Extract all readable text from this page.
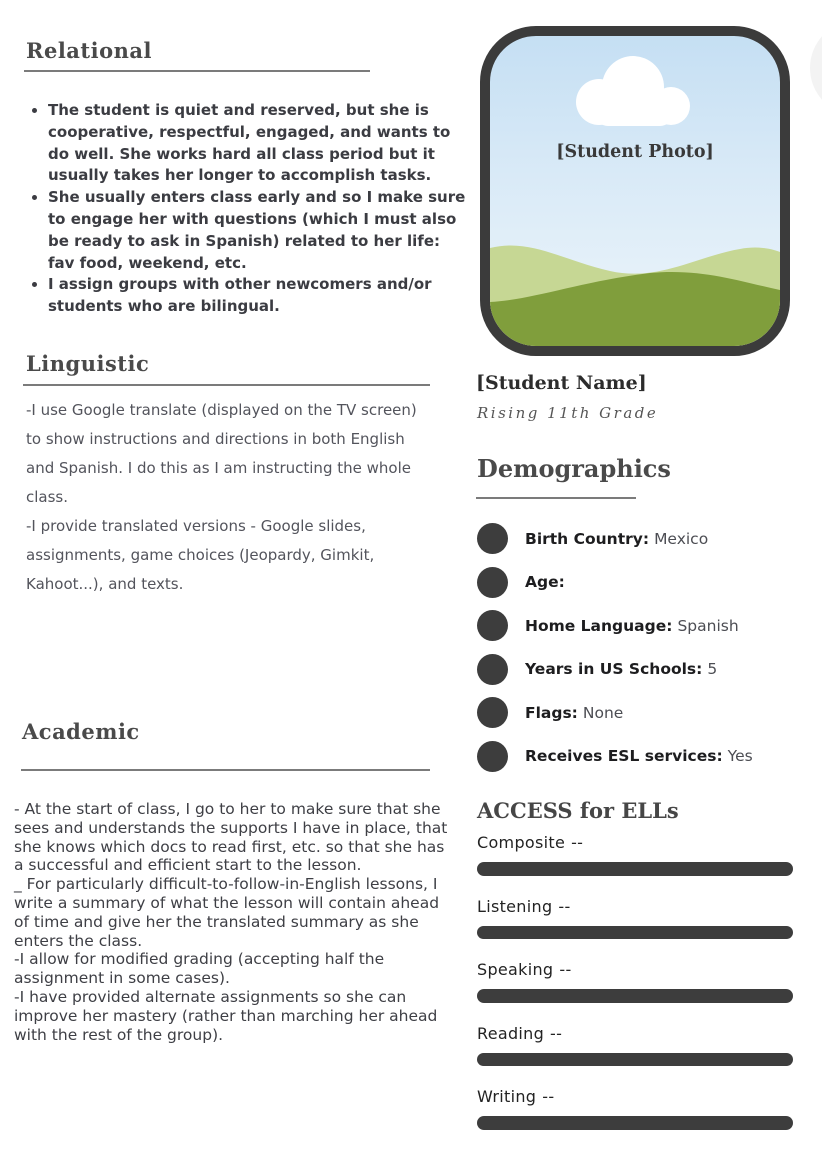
Relational
• The student is quiet and reserved, but she is cooperative, respectful, engaged, and wants to do well. She works hard all class period but it usually takes her longer to accomplish tasks.
• She usually enters class early and so I make sure to engage her with questions (which I must also be ready to ask in Spanish) related to her life: fav food, weekend, etc.
• I assign groups with other newcomers and/or students who are bilingual.
Linguistic

-I use Google translate (displayed on the TV screen) to show instructions and directions in both English and Spanish. I do this as I am instructing the whole class.

-I provide translated versions - Google slides, assignments, game choices (Jeopardy, Gimkit, Kahoot...), and texts.

Academic

- At the start of class, I go to her to make sure that she sees and understands the supports I have in place, that she knows which docs to read first, etc. so that she has a successful and efficient start to the lesson.

_ For particularly difficult-to-follow-in-English lessons, I write a summary of what the lesson will contain ahead of time and give her the translated summary as she enters the class.

-I allow for modified grading (accepting half the assignment in some cases).

-I have provided alternate assignments so she can improve her mastery (rather than marching her ahead with the rest of the group).

[Student Photo]
[Student Name]
Rising 11th Grade
Demographics
Birth Country: Mexico
Age:
Home Language: Spanish
Years in US Schools: 5
Flags: None
Receives ESL services: Yes
ACCESS for ELLs
Composite --
Listening --
Speaking --
Reading --
Writing --
